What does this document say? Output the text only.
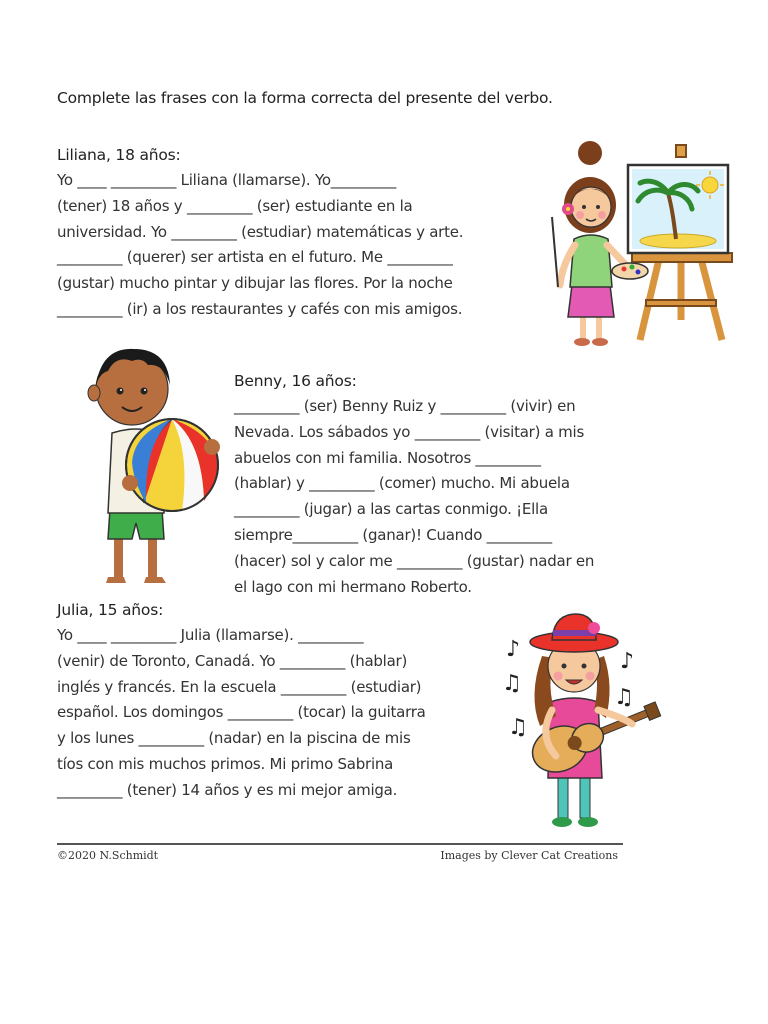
Complete las frases con la forma correcta del presente del verbo.
Liliana, 18 años:
Yo ____ _________ Liliana (llamarse). Yo_________
(tener) 18 años y _________ (ser) estudiante en la
universidad. Yo _________ (estudiar) matemáticas y arte.
_________ (querer) ser artista en el futuro. Me _________
(gustar) mucho pintar y dibujar las flores. Por la noche
_________ (ir) a los restaurantes y cafés con mis amigos.
Benny, 16 años:
_________ (ser) Benny Ruiz y _________ (vivir) en
Nevada. Los sábados yo _________ (visitar) a mis
abuelos con mi familia. Nosotros _________
(hablar) y _________ (comer) mucho. Mi abuela
_________ (jugar) a las cartas conmigo. ¡Ella
siempre_________ (ganar)! Cuando _________
(hacer) sol y calor me _________ (gustar) nadar en
el lago con mi hermano Roberto.
Julia, 15 años:
Yo ____ _________ Julia (llamarse). _________
(venir) de Toronto, Canadá. Yo _________ (hablar)
inglés y francés. En la escuela _________ (estudiar)
español. Los domingos _________ (tocar) la guitarra
y los lunes _________ (nadar) en la piscina de mis
tíos con mis muchos primos. Mi primo Sabrina
_________ (tener) 14 años y es mi mejor amiga.
♪
♫
♫
♪
♫
©2020 N.Schmidt	Images by Clever Cat Creations
